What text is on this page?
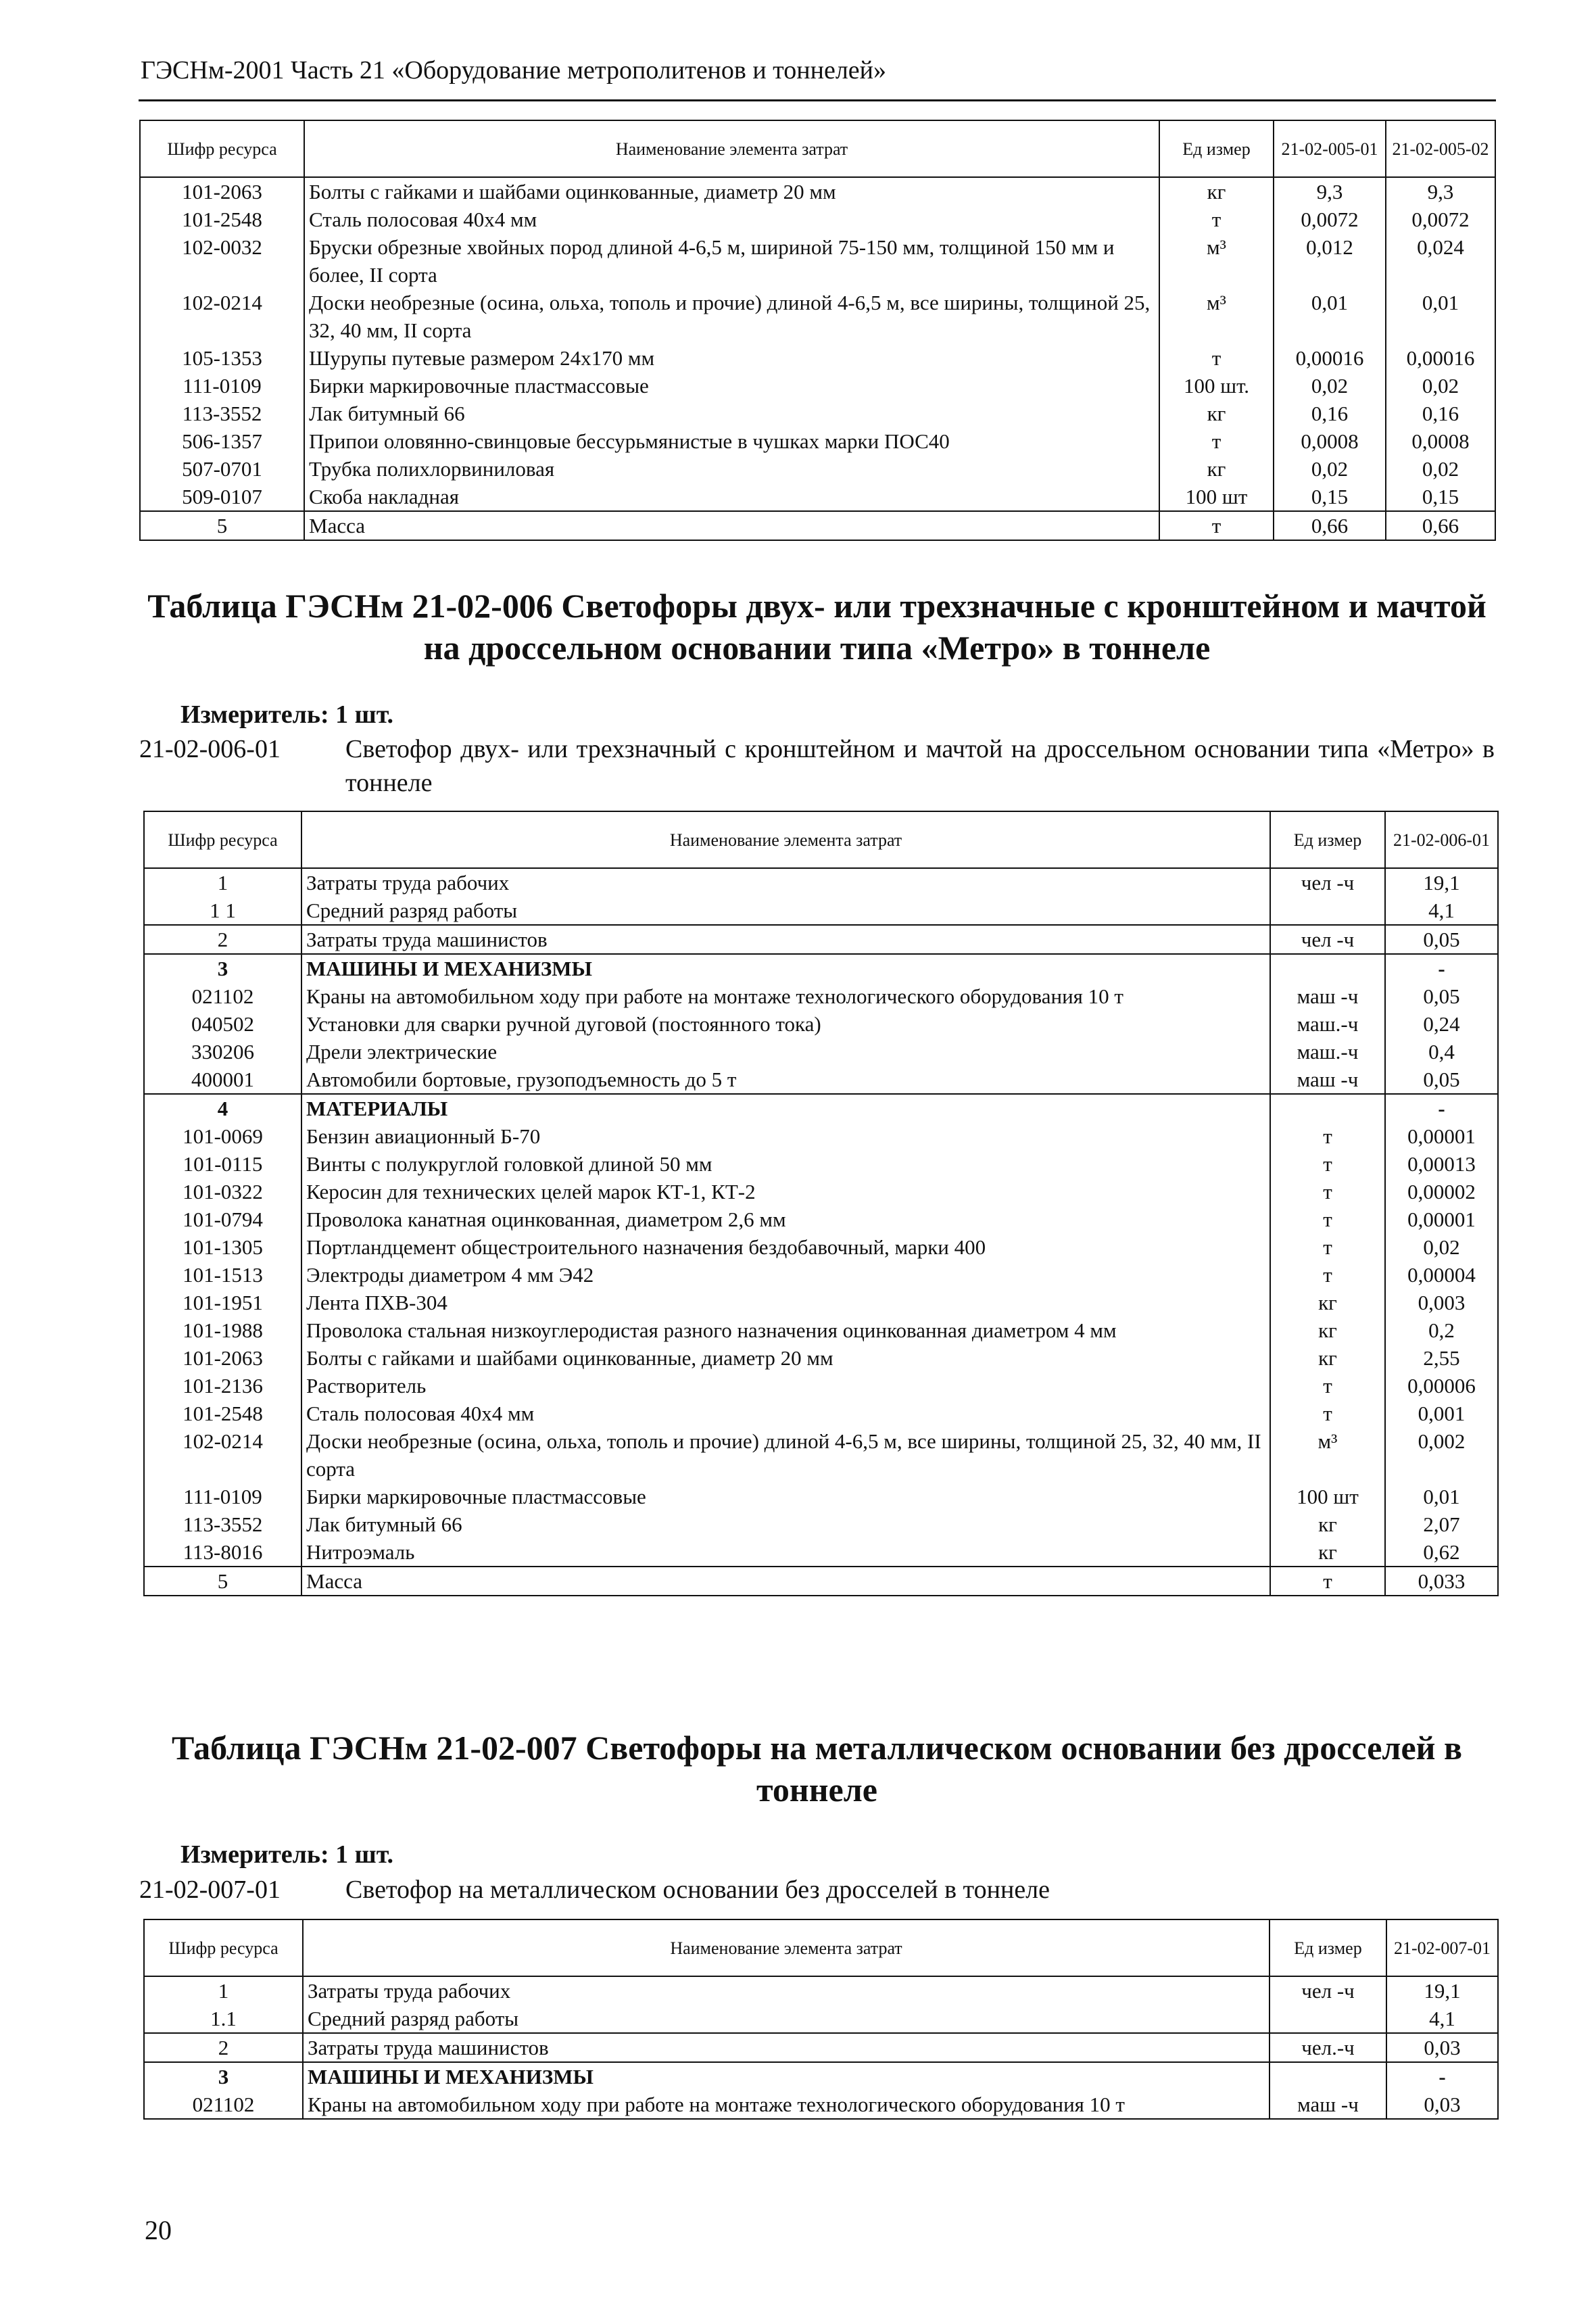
ГЭСНм-2001 Часть 21 «Оборудование метрополитенов и тоннелей»
Шифр ресурса	Наименование элемента затрат	Ед измер	21-02-005-01	21-02-005-02
101-2063	Болты с гайками и шайбами оцинкованные, диаметр 20 мм	кг	9,3	9,3
101-2548	Сталь полосовая 40х4 мм	т	0,0072	0,0072
102-0032	Бруски обрезные хвойных пород длиной 4-6,5 м, шириной 75-150 мм, толщиной 150 мм и более, II сорта	м³	0,012	0,024
102-0214	Доски необрезные (осина, ольха, тополь и прочие) длиной 4-6,5 м, все ширины, толщиной 25, 32, 40 мм, II сорта	м³	0,01	0,01
105-1353	Шурупы путевые размером 24х170 мм	т	0,00016	0,00016
111-0109	Бирки маркировочные пластмассовые	100 шт.	0,02	0,02
113-3552	Лак битумный 66	кг	0,16	0,16
506-1357	Припои оловянно-свинцовые бессурьмянистые в чушках марки ПОС40	т	0,0008	0,0008
507-0701	Трубка полихлорвиниловая	кг	0,02	0,02
509-0107	Скоба накладная	100 шт	0,15	0,15
5	Масса	т	0,66	0,66
Таблица ГЭСНм 21-02-006 Светофоры двух- или трехзначные с кронштейном и мачтой
на дроссельном основании типа «Метро» в тоннеле
Измеритель: 1 шт.
21-02-006-01	Светофор двух- или трехзначный с кронштейном и мачтой на дроссельном основании типа «Метро» в тоннеле
Шифр ресурса	Наименование элемента затрат	Ед измер	21-02-006-01
1	Затраты труда рабочих	чел -ч	19,1
1 1	Средний разряд работы		4,1
2	Затраты труда машинистов	чел -ч	0,05
3	МАШИНЫ И МЕХАНИЗМЫ		-
021102	Краны на автомобильном ходу при работе на монтаже технологического оборудования 10 т	маш -ч	0,05
040502	Установки для сварки ручной дуговой (постоянного тока)	маш.-ч	0,24
330206	Дрели электрические	маш.-ч	0,4
400001	Автомобили бортовые, грузоподъемность до 5 т	маш -ч	0,05
4	МАТЕРИАЛЫ		-
101-0069	Бензин авиационный Б-70	т	0,00001
101-0115	Винты с полукруглой головкой длиной 50 мм	т	0,00013
101-0322	Керосин для технических целей марок КТ-1, КТ-2	т	0,00002
101-0794	Проволока канатная оцинкованная, диаметром 2,6 мм	т	0,00001
101-1305	Портландцемент общестроительного назначения бездобавочный, марки 400	т	0,02
101-1513	Электроды диаметром 4 мм Э42	т	0,00004
101-1951	Лента ПХВ-304	кг	0,003
101-1988	Проволока стальная низкоуглеродистая разного назначения оцинкованная диаметром 4 мм	кг	0,2
101-2063	Болты с гайками и шайбами оцинкованные, диаметр 20 мм	кг	2,55
101-2136	Растворитель	т	0,00006
101-2548	Сталь полосовая 40х4 мм	т	0,001
102-0214	Доски необрезные (осина, ольха, тополь и прочие) длиной 4-6,5 м, все ширины, толщиной 25, 32, 40 мм, II сорта	м³	0,002
111-0109	Бирки маркировочные пластмассовые	100 шт	0,01
113-3552	Лак битумный 66	кг	2,07
113-8016	Нитроэмаль	кг	0,62
5	Масса	т	0,033
Таблица ГЭСНм 21-02-007 Светофоры на металлическом основании без дросселей в
тоннеле
Измеритель: 1 шт.
21-02-007-01	Светофор на металлическом основании без дросселей в тоннеле
Шифр ресурса	Наименование элемента затрат	Ед измер	21-02-007-01
1	Затраты труда рабочих	чел -ч	19,1
1.1	Средний разряд работы		4,1
2	Затраты труда машинистов	чел.-ч	0,03
3	МАШИНЫ И МЕХАНИЗМЫ		-
021102	Краны на автомобильном ходу при работе на монтаже технологического оборудования 10 т	маш -ч	0,03
20
